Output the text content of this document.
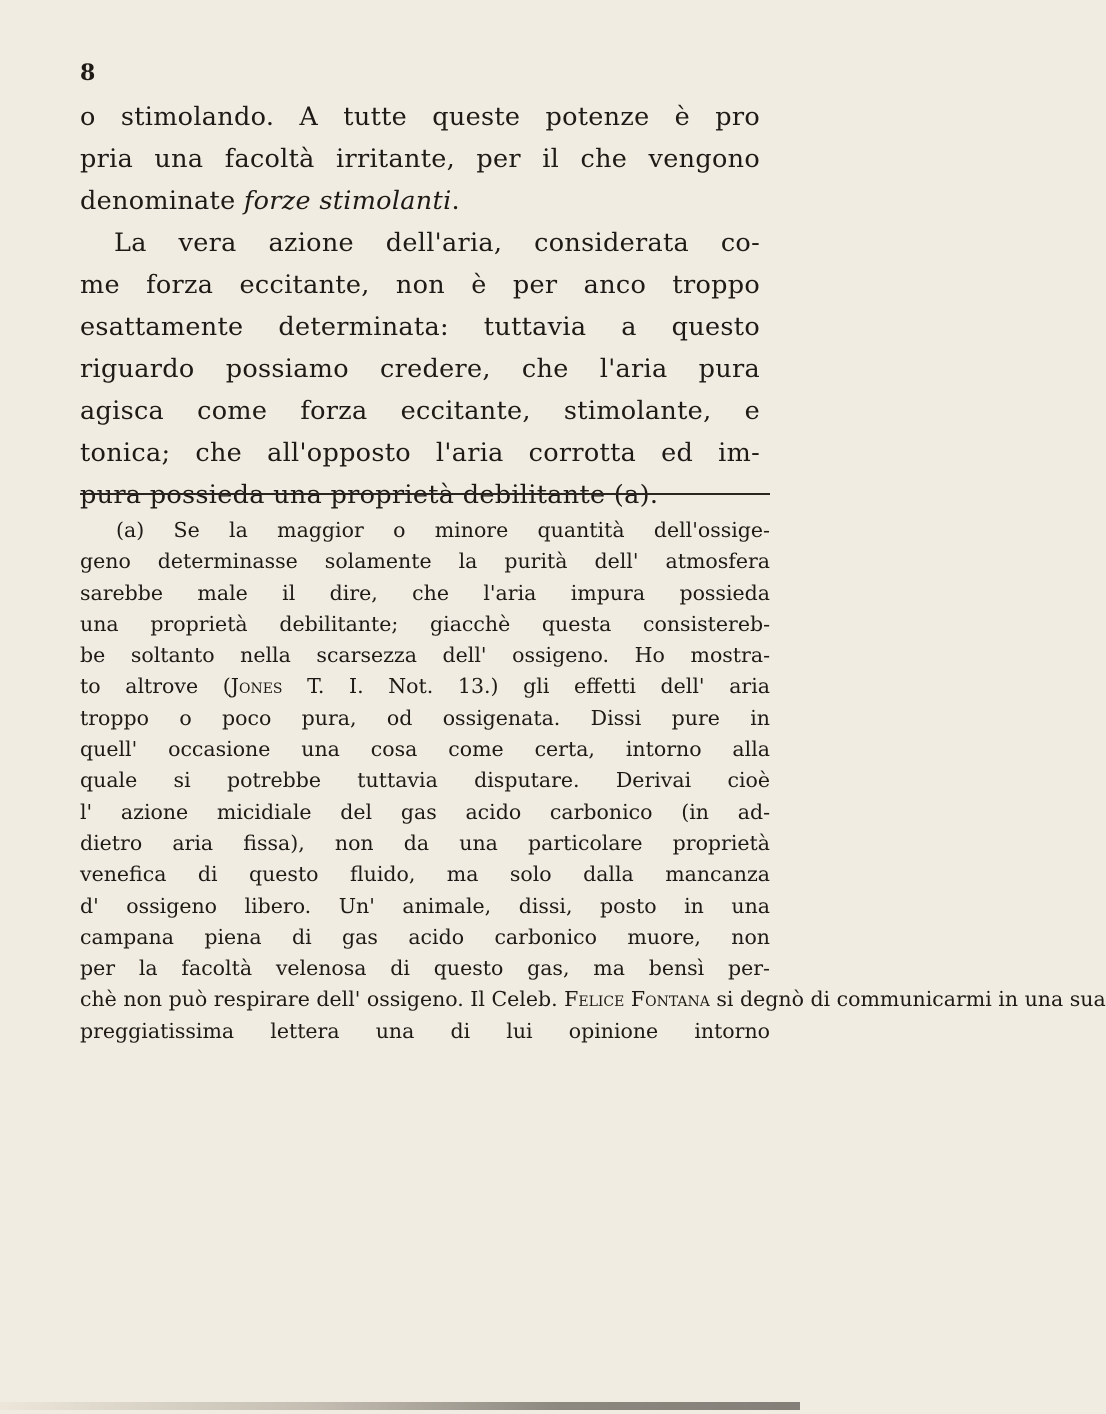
8
o stimolando. A tutte queste potenze è pro
pria una facoltà irritante, per il che vengono
denominate forze stimolanti.
La vera azione dell'aria, considerata co-
me forza eccitante, non è per anco troppo
esattamente determinata: tuttavia a questo
riguardo possiamo credere, che l'aria pura
agisca come forza eccitante, stimolante, e
tonica; che all'opposto l'aria corrotta ed im-
pura possieda una proprietà debilitante (a).
(a) Se la maggior o minore quantità dell'ossige-
geno determinasse solamente la purità dell' atmosfera
sarebbe male il dire, che l'aria impura possieda
una proprietà debilitante; giacchè questa consistereb-
be soltanto nella scarsezza dell' ossigeno. Ho mostra-
to altrove (Jones T. I. Not. 13.) gli effetti dell' aria
troppo o poco pura, od ossigenata. Dissi pure in
quell' occasione una cosa come certa, intorno alla
quale si potrebbe tuttavia disputare. Derivai cioè
l' azione micidiale del gas acido carbonico (in ad-
dietro aria fissa), non da una particolare proprietà
venefica di questo fluido, ma solo dalla mancanza
d' ossigeno libero. Un' animale, dissi, posto in una
campana piena di gas acido carbonico muore, non
per la facoltà velenosa di questo gas, ma bensì per-
chè non può respirare dell' ossigeno. Il Celeb. Felice Fontana si degnò di communicarmi in una sua
preggiatissima lettera una di lui opinione intorno
